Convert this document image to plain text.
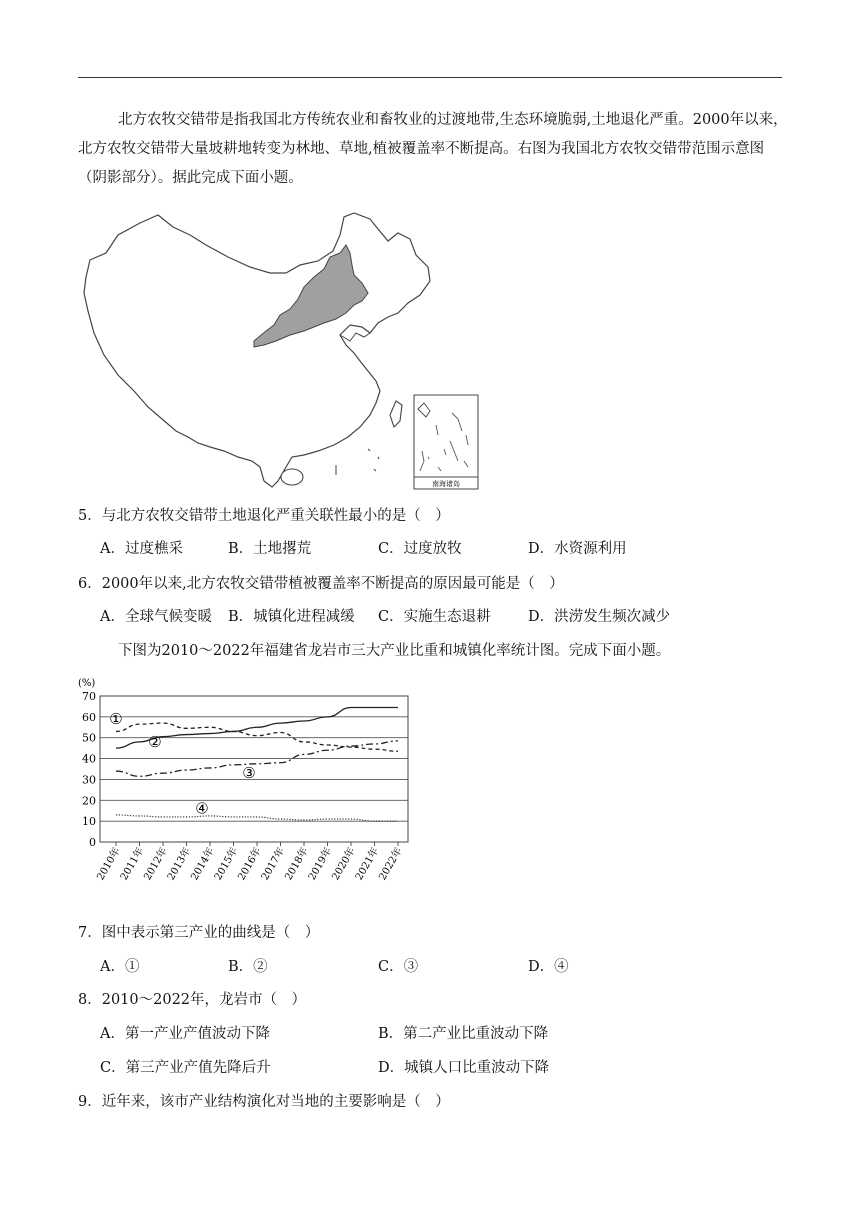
北方农牧交错带是指我国北方传统农业和畜牧业的过渡地带,生态环境脆弱,土地退化严重。2000年以来，北方农牧交错带大量坡耕地转变为林地、草地,植被覆盖率不断提高。右图为我国北方农牧交错带范围示意图（阴影部分）。据此完成下面小题。

南海诸岛
5．与北方农牧交错带土地退化严重关联性最小的是（　）
A．过度樵采	B．土地撂荒	C．过度放牧	D．水资源利用
6．2000年以来,北方农牧交错带植被覆盖率不断提高的原因最可能是（　）
A．全球气候变暖 B．城镇化进程减缓 C．实施生态退耕	D．洪涝发生频次减少
下图为2010～2022年福建省龙岩市三大产业比重和城镇化率统计图。完成下面小题。
(%)
0
10
20
30
40
50
60
70
2010年
2011年
2012年
2013年
2014年
2015年
2016年
2017年
2018年
2019年
2020年
2021年
2022年
①
②
③
④
7．图中表示第三产业的曲线是（　）
A．①	B．②	C．③	D．④
8．2010～2022年，龙岩市（　）
A．第一产业产值波动下降	B．第二产业比重波动下降
C．第三产业产值先降后升	D．城镇人口比重波动下降
9．近年来，该市产业结构演化对当地的主要影响是（　）
